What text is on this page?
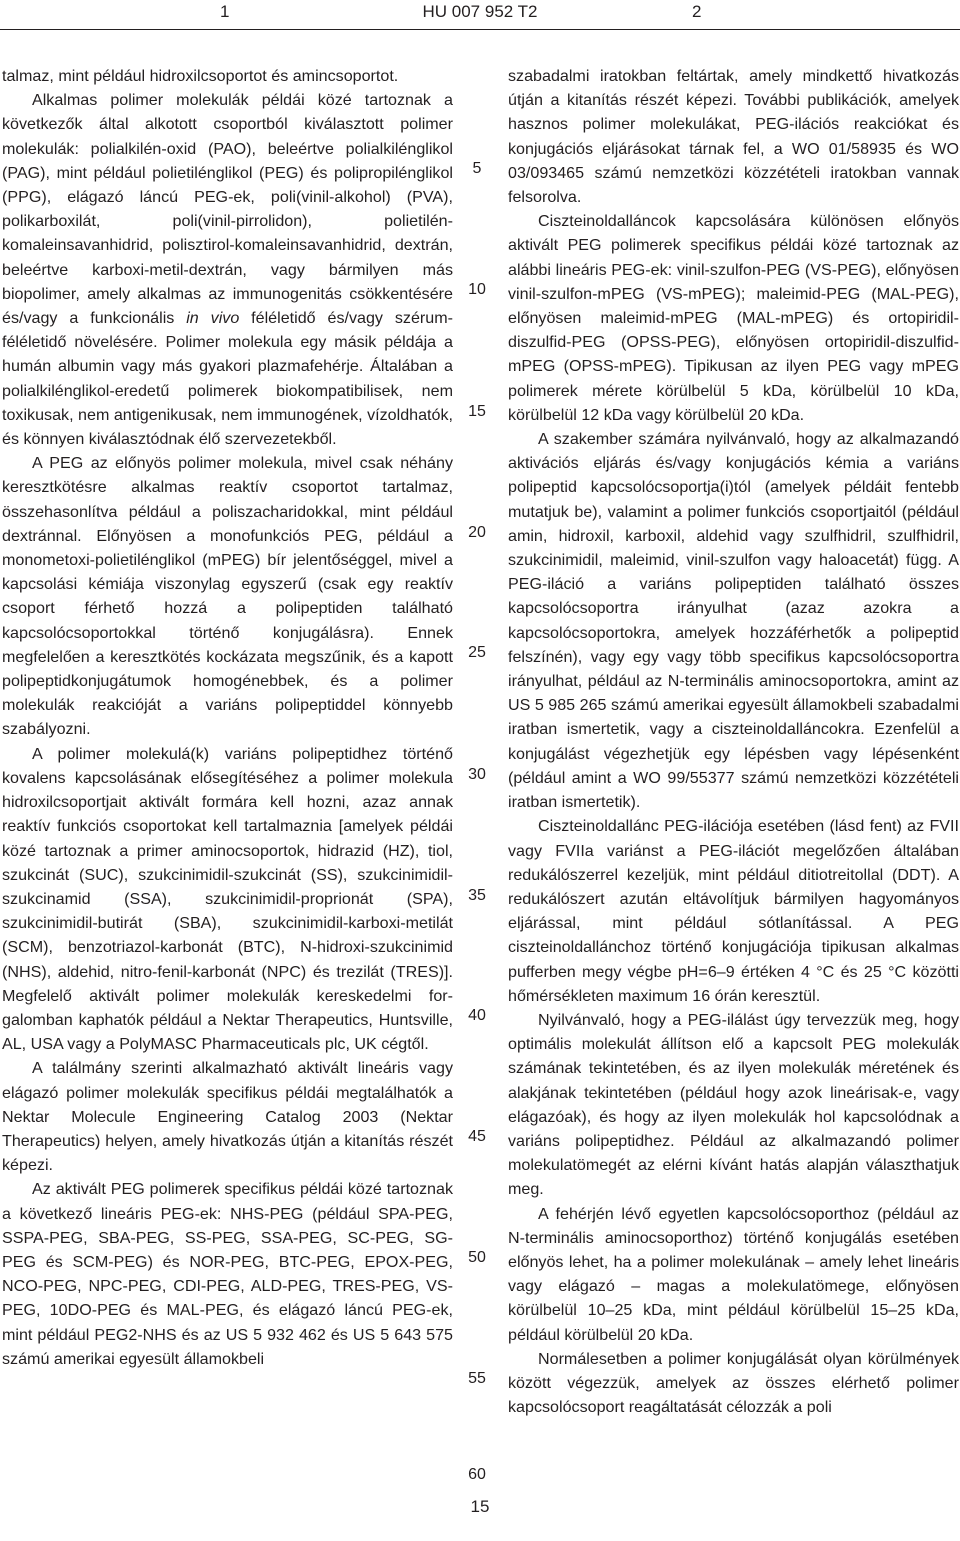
1	HU 007 952 T2	2

talmaz, mint például hidroxilcsoportot és amincsoportot.

Alkalmas polimer molekulák példái közé tartoznak a következők által alkotott csoportból kiválasztott polimer molekulák: polialkilén-oxid (PAO), beleértve polialkilénglikol (PAG), mint például polietilénglikol (PEG) és polipropilénglikol (PPG), elágazó láncú PEG-ek, poli(vinil-alkohol) (PVA), polikarboxilát, poli(vinil-pirrolidon), polietilén-komaleinsavanhidrid, polisztirol-komaleinsavanhidrid, dextrán, beleértve karboxi-metil-dextrán, vagy bármilyen más biopolimer, amely alkalmas az immunogenitás csökkentésére és/vagy a funkcionális in vivo féléletidő és/vagy szérum-féléletidő növelésére. Polimer molekula egy másik példája a humán albumin vagy más gyakori plazmafehérje. Általában a polialkilénglikol-eredetű polimerek biokompatibilisek, nem toxikusak, nem antigenikusak, nem immunogének, vízoldhatók, és könnyen kiválasztódnak élő szervezetekből.

A PEG az előnyös polimer molekula, mivel csak néhány keresztkötésre alkalmas reaktív csoportot tartalmaz, összehasonlítva például a poliszacharidokkal, mint például dextránnal. Előnyösen a monofunkciós PEG, például a monometoxi-polietilénglikol (mPEG) bír jelentőséggel, mivel a kapcsolási kémiája viszonylag egyszerű (csak egy reaktív csoport férhető hozzá a polipeptiden található kapcsolócsoportokkal történő konjugálásra). Ennek megfelelően a keresztkötés kockázata megszűnik, és a kapott polipeptidkonjugátumok homogénebbek, és a polimer molekulák reakcióját a variáns polipeptiddel könnyebb szabályozni.

A polimer molekulá(k) variáns polipeptidhez történő kovalens kapcsolásának elősegítéséhez a polimer molekula hidroxilcsoportjait aktivált formára kell hozni, azaz annak reaktív funkciós csoportokat kell tartalmaznia [amelyek példái közé tartoznak a primer aminocsoportok, hidrazid (HZ), tiol, szukcinát (SUC), szukcinimidil-szukcinát (SS), szukcinimidil-szukcinamid (SSA), szukcinimidil-proprionát (SPA), szukcinimidil-butirát (SBA), szukcinimidil-karboxi-metilát (SCM), benzotriazol-karbonát (BTC), N-hidroxi-szukcinimid (NHS), aldehid, nitro-fenil-karbonát (NPC) és trezilát (TRES)]. Megfelelő aktivált polimer molekulák kereskedelmi forgalomban kaphatók például a Nektar Therapeutics, Huntsville, AL, USA vagy a PolyMASC Pharmaceuticals plc, UK cégtől.

A találmány szerinti alkalmazható aktivált lineáris vagy elágazó polimer molekulák specifikus példái megtalálhatók a Nektar Molecule Engineering Catalog 2003 (Nektar Therapeutics) helyen, amely hivatkozás útján a kitanítás részét képezi.

Az aktivált PEG polimerek specifikus példái közé tartoznak a következő lineáris PEG-ek: NHS-PEG (például SPA-PEG, SSPA-PEG, SBA-PEG, SS-PEG, SSA-PEG, SC-PEG, SG-PEG és SCM-PEG) és NOR-PEG, BTC-PEG, EPOX-PEG, NCO-PEG, NPC-PEG, CDI-PEG, ALD-PEG, TRES-PEG, VS-PEG, 10DO-PEG és MAL-PEG, és elágazó láncú PEG-ek, mint például PEG2-NHS és az US 5 932 462 és US 5 643 575 számú amerikai egyesült államokbeli

szabadalmi iratokban feltártak, amely mindkettő hivatkozás útján a kitanítás részét képezi. További publikációk, amelyek hasznos polimer molekulákat, PEG-ilációs reakciókat és konjugációs eljárásokat tárnak fel, a WO 01/58935 és WO 03/093465 számú nemzetközi közzétételi iratokban vannak felsorolva.

Ciszteinoldalláncok kapcsolására különösen előnyös aktivált PEG polimerek specifikus példái közé tartoznak az alábbi lineáris PEG-ek: vinil-szulfon-PEG (VS-PEG), előnyösen vinil-szulfon-mPEG (VS-mPEG); maleimid-PEG (MAL-PEG), előnyösen maleimid-mPEG (MAL-mPEG) és ortopiridil-diszulfid-PEG (OPSS-PEG), előnyösen ortopiridil-diszulfid-mPEG (OPSS-mPEG). Tipikusan az ilyen PEG vagy mPEG polimerek mérete körülbelül 5 kDa, körülbelül 10 kDa, körülbelül 12 kDa vagy körülbelül 20 kDa.

A szakember számára nyilvánvaló, hogy az alkalmazandó aktivációs eljárás és/vagy konjugációs kémia a variáns polipeptid kapcsolócsoportja(i)tól (amelyek példáit fentebb mutatjuk be), valamint a polimer funkciós csoportjaitól (például amin, hidroxil, karboxil, aldehid vagy szulfhidril, szulfhidril, szukcinimidil, maleimid, vinil-szulfon vagy haloacetát) függ. A PEG-iláció a variáns polipeptiden található összes kapcsolócsoportra irányulhat (azaz azokra a kapcsolócsoportokra, amelyek hozzáférhetők a polipeptid felszínén), vagy egy vagy több specifikus kapcsolócsoportra irányulhat, például az N-terminális aminocsoportokra, amint az US 5 985 265 számú amerikai egyesült államokbeli szabadalmi iratban ismertetik, vagy a ciszteinoldalláncokra. Ezenfelül a konjugálást végezhetjük egy lépésben vagy lépésenként (például amint a WO 99/55377 számú nemzetközi közzétételi iratban ismertetik).

Ciszteinoldallánc PEG-ilációja esetében (lásd fent) az FVII vagy FVIIa variánst a PEG-ilációt megelőzően általában redukálószerrel kezeljük, mint például ditiotreitollal (DDT). A redukálószert azután eltávolítjuk bármilyen hagyományos eljárással, mint például sótlanítással. A PEG ciszteinoldallánchoz történő konjugációja tipikusan alkalmas pufferben megy végbe pH=6–9 értéken 4 °C és 25 °C közötti hőmérsékleten maximum 16 órán keresztül.

Nyilvánvaló, hogy a PEG-ilálást úgy tervezzük meg, hogy optimális molekulát állítson elő a kapcsolt PEG molekulák számának tekintetében, és az ilyen molekulák méretének és alakjának tekintetében (például hogy azok lineárisak-e, vagy elágazóak), és hogy az ilyen molekulák hol kapcsolódnak a variáns polipeptidhez. Például az alkalmazandó polimer molekulatömegét az elérni kívánt hatás alapján választhatjuk meg.

A fehérjén lévő egyetlen kapcsolócsoporthoz (például az N-terminális aminocsoporthoz) történő konjugálás esetében előnyös lehet, ha a polimer molekulának – amely lehet lineáris vagy elágazó – magas a molekulatömege, előnyösen körülbelül 10–25 kDa, mint például körülbelül 15–25 kDa, például körülbelül 20 kDa.

Normálesetben a polimer konjugálását olyan körülmények között végezzük, amelyek az összes elérhető polimer kapcsolócsoport reagáltatását célozzák a poli

5
10
15
20
25
30
35
40
45
50
55
60
15
